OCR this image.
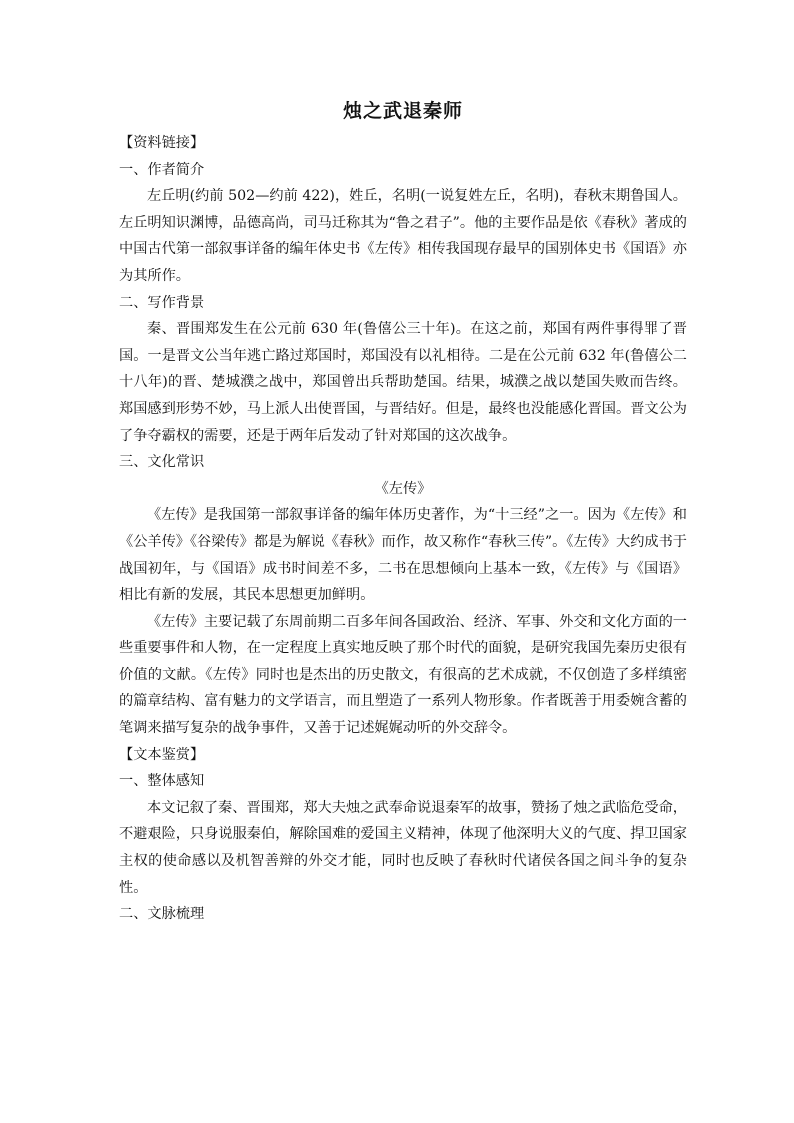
烛之武退秦师

【资料链接】

一、作者简介

左丘明(约前 502—约前 422)，姓丘，名明(一说复姓左丘，名明)，春秋末期鲁国人。左丘明知识渊博，品德高尚，司马迁称其为“鲁之君子”。他的主要作品是依《春秋》著成的中国古代第一部叙事详备的编年体史书《左传》相传我国现存最早的国别体史书《国语》亦为其所作。

二、写作背景

秦、晋围郑发生在公元前 630 年(鲁僖公三十年)。在这之前，郑国有两件事得罪了晋国。一是晋文公当年逃亡路过郑国时，郑国没有以礼相待。二是在公元前 632 年(鲁僖公二十八年)的晋、楚城濮之战中，郑国曾出兵帮助楚国。结果，城濮之战以楚国失败而告终。郑国感到形势不妙，马上派人出使晋国，与晋结好。但是，最终也没能感化晋国。晋文公为了争夺霸权的需要，还是于两年后发动了针对郑国的这次战争。

三、文化常识

《左传》

《左传》是我国第一部叙事详备的编年体历史著作，为“十三经”之一。因为《左传》和《公羊传》《谷梁传》都是为解说《春秋》而作，故又称作“春秋三传”。《左传》大约成书于战国初年，与《国语》成书时间差不多，二书在思想倾向上基本一致，《左传》与《国语》相比有新的发展，其民本思想更加鲜明。

《左传》主要记载了东周前期二百多年间各国政治、经济、军事、外交和文化方面的一些重要事件和人物，在一定程度上真实地反映了那个时代的面貌，是研究我国先秦历史很有价值的文献。《左传》同时也是杰出的历史散文，有很高的艺术成就，不仅创造了多样缜密的篇章结构、富有魅力的文学语言，而且塑造了一系列人物形象。作者既善于用委婉含蓄的笔调来描写复杂的战争事件，又善于记述娓娓动听的外交辞令。

【文本鉴赏】

一、整体感知

本文记叙了秦、晋围郑，郑大夫烛之武奉命说退秦军的故事，赞扬了烛之武临危受命，不避艰险，只身说服秦伯，解除国难的爱国主义精神，体现了他深明大义的气度、捍卫国家主权的使命感以及机智善辩的外交才能，同时也反映了春秋时代诸侯各国之间斗争的复杂性。

二、文脉梳理
